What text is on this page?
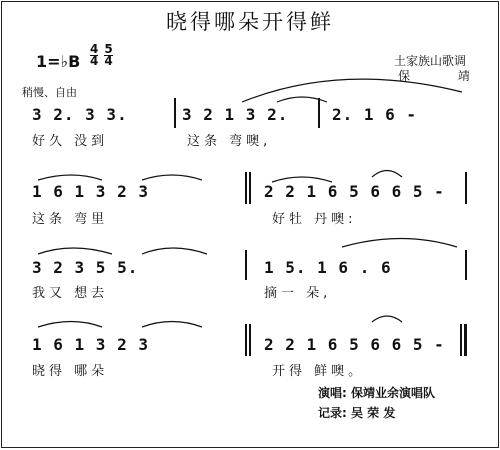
晓得哪朵开得鲜
1=♭B $\frac{4}{4} \frac{5}{4}$	土家族山歌调
保 靖
稍慢、自由
3 2. 3 3.	3 2 1 3 2.	2. 1 6 -
好久 没到	这条 弯噢,
1 6 1 3 2 3	2 2 1 6 5 6 6 5 -
这条 弯里	好牡 丹噢:
3 2 3 5 5.	1 5. 1 6 . 6
我又 想去	摘一 朵,
1 6 1 3 2 3	2 2 1 6 5 6 6 5 -
晓得 哪朵	开得 鲜噢。
演唱: 保靖业余演唱队
记录: 吴 荣 发
